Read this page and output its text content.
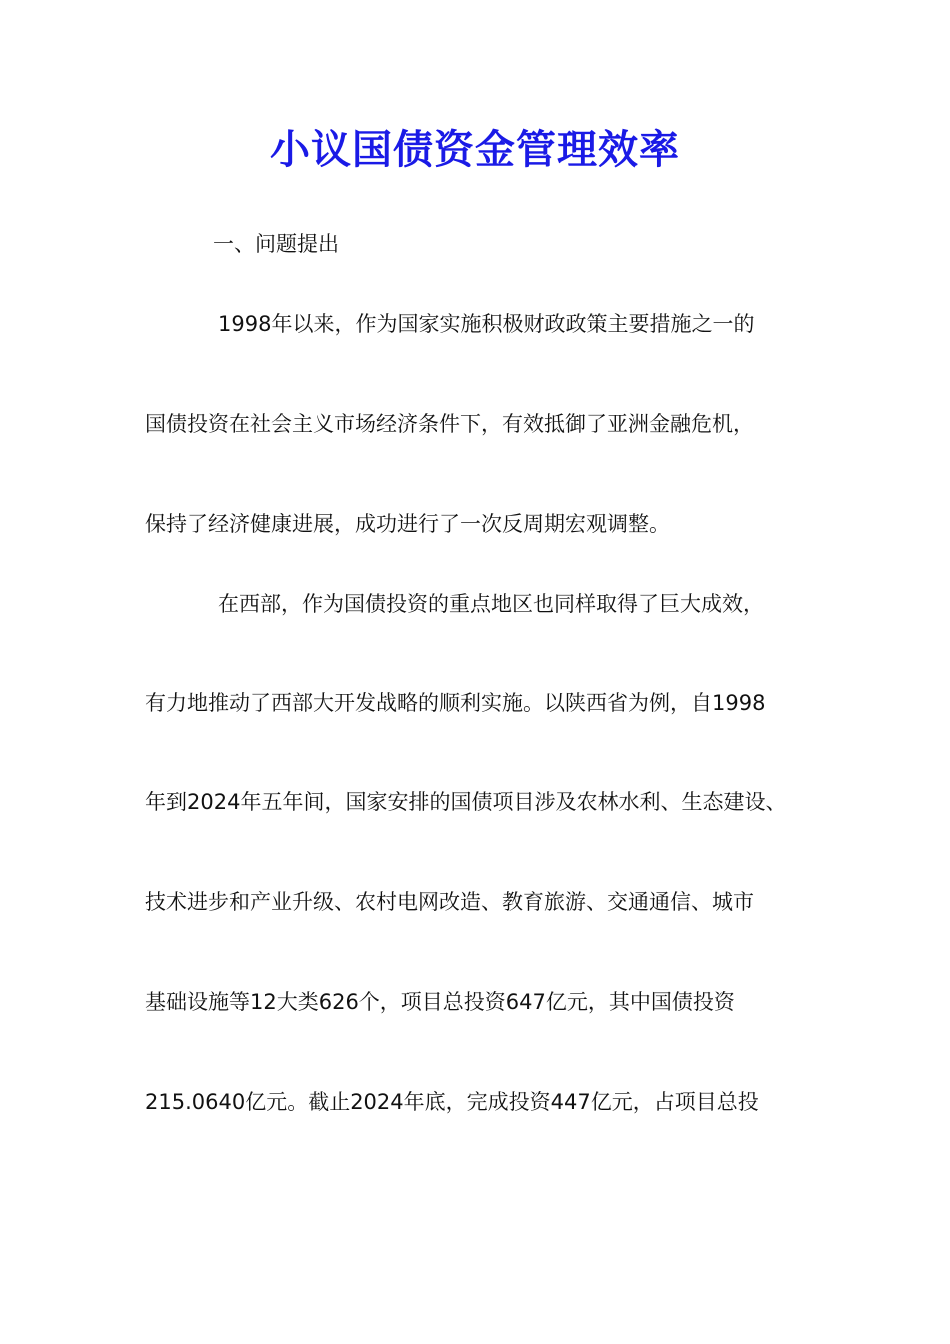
小议国债资金管理效率

一、问题提出

1998年以来，作为国家实施积极财政政策主要措施之一的

国债投资在社会主义市场经济条件下，有效抵御了亚洲金融危机，

保持了经济健康进展，成功进行了一次反周期宏观调整。

在西部，作为国债投资的重点地区也同样取得了巨大成效，

有力地推动了西部大开发战略的顺利实施。以陕西省为例，自1998

年到2024年五年间，国家安排的国债项目涉及农林水利、生态建设、

技术进步和产业升级、农村电网改造、教育旅游、交通通信、城市

基础设施等12大类626个，项目总投资647亿元，其中国债投资

215.0640亿元。截止2024年底，完成投资447亿元，占项目总投
